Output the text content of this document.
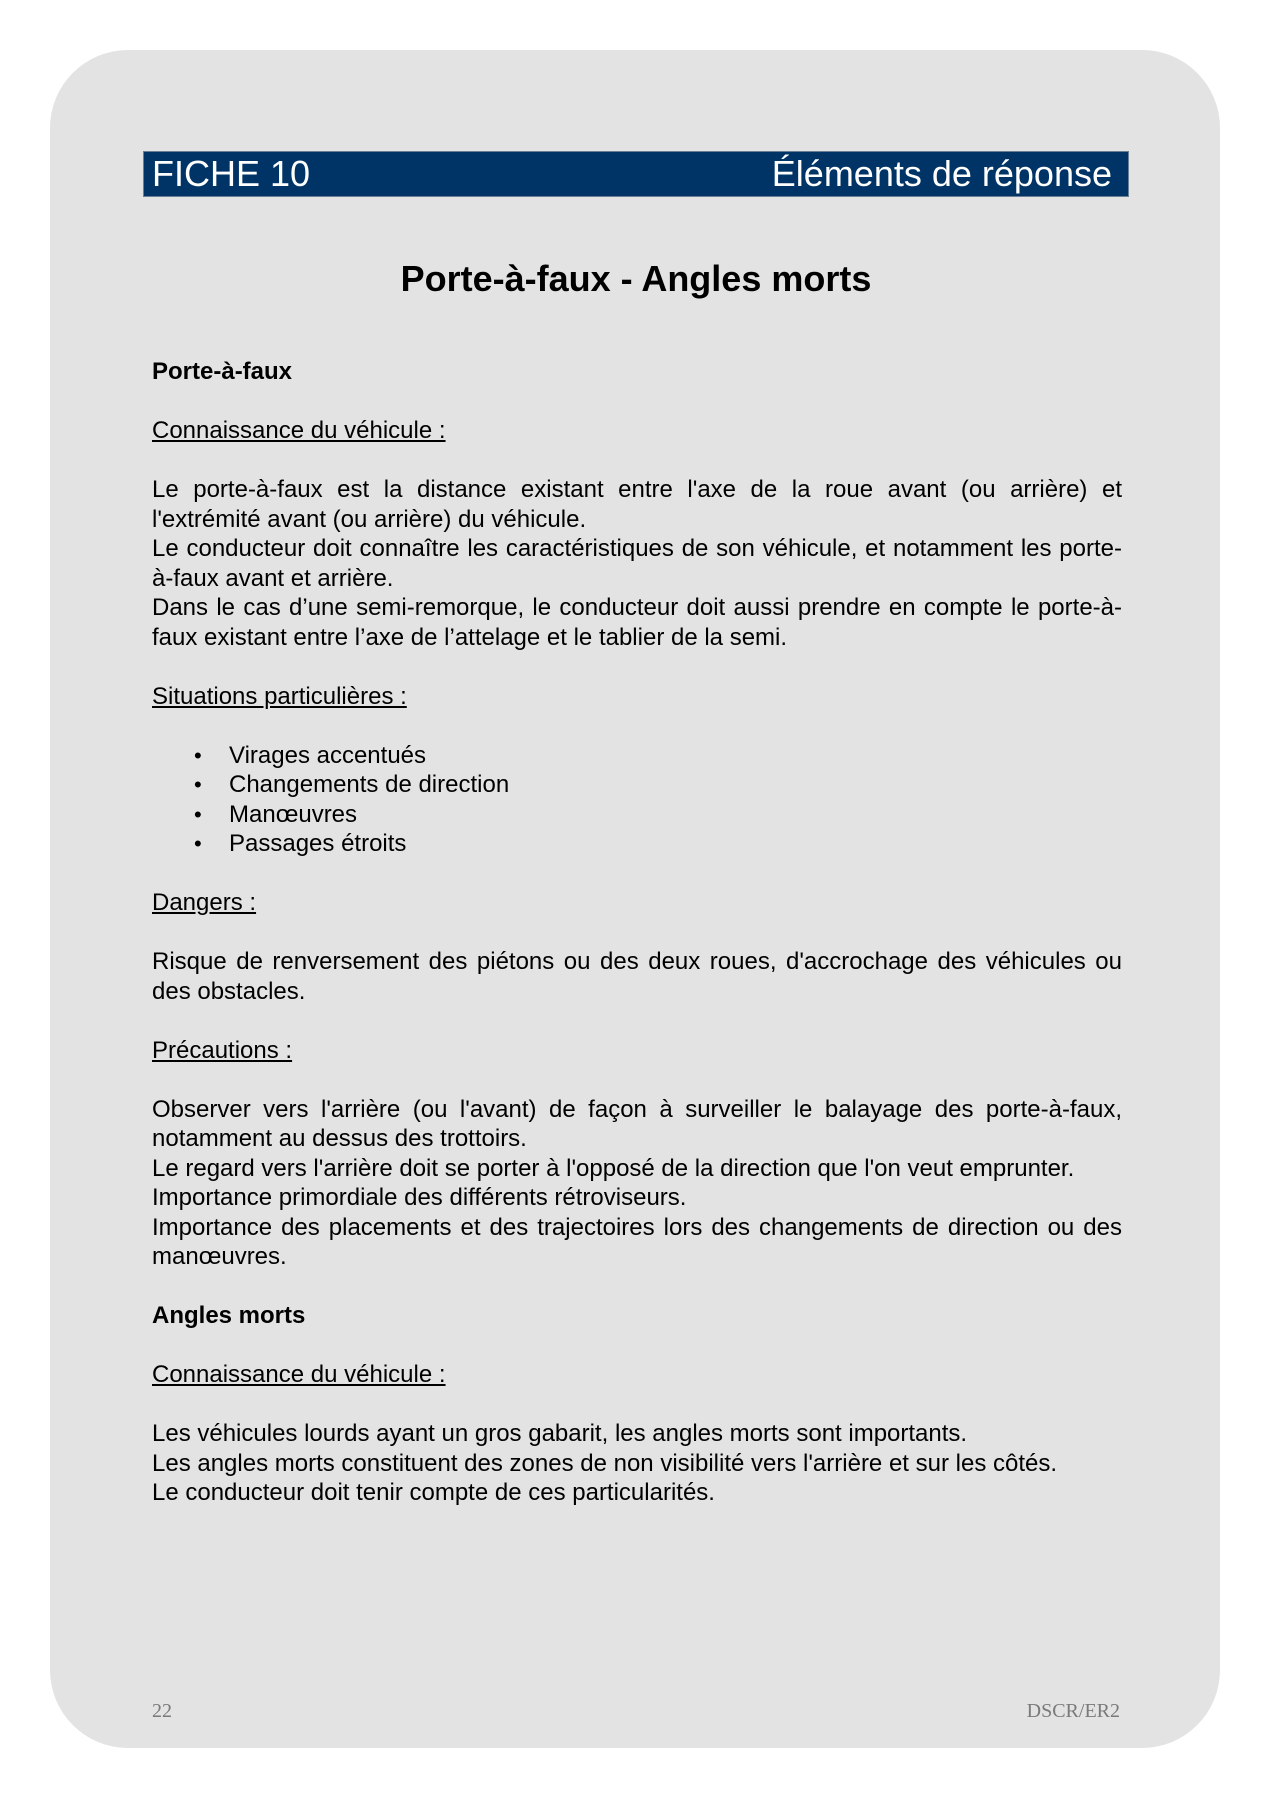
FICHE 10	Éléments de réponse
Porte-à-faux - Angles morts

Porte-à-faux

Connaissance du véhicule :

Le porte-à-faux est la distance existant entre l'axe de la roue avant (ou arrière) et l'extrémité avant (ou arrière) du véhicule.

Le conducteur doit connaître les caractéristiques de son véhicule, et notamment les porte-à-faux avant et arrière.

Dans le cas d’une semi-remorque, le conducteur doit aussi prendre en compte le porte-à-faux existant entre l’axe de l’attelage et le tablier de la semi.

Situations particulières :

• Virages accentués
• Changements de direction
• Manœuvres
• Passages étroits

Dangers :

Risque de renversement des piétons ou des deux roues, d'accrochage des véhicules ou des obstacles.

Précautions :

Observer vers l'arrière (ou l'avant) de façon à surveiller le balayage des porte-à-faux, notamment au dessus des trottoirs.

Le regard vers l'arrière doit se porter à l'opposé de la direction que l'on veut emprunter.

Importance primordiale des différents rétroviseurs.

Importance des placements et des trajectoires lors des changements de direction ou des manœuvres.

Angles morts

Connaissance du véhicule :

Les véhicules lourds ayant un gros gabarit, les angles morts sont importants.

Les angles morts constituent des zones de non visibilité vers l'arrière et sur les côtés.

Le conducteur doit tenir compte de ces particularités.

22	DSCR/ER2
